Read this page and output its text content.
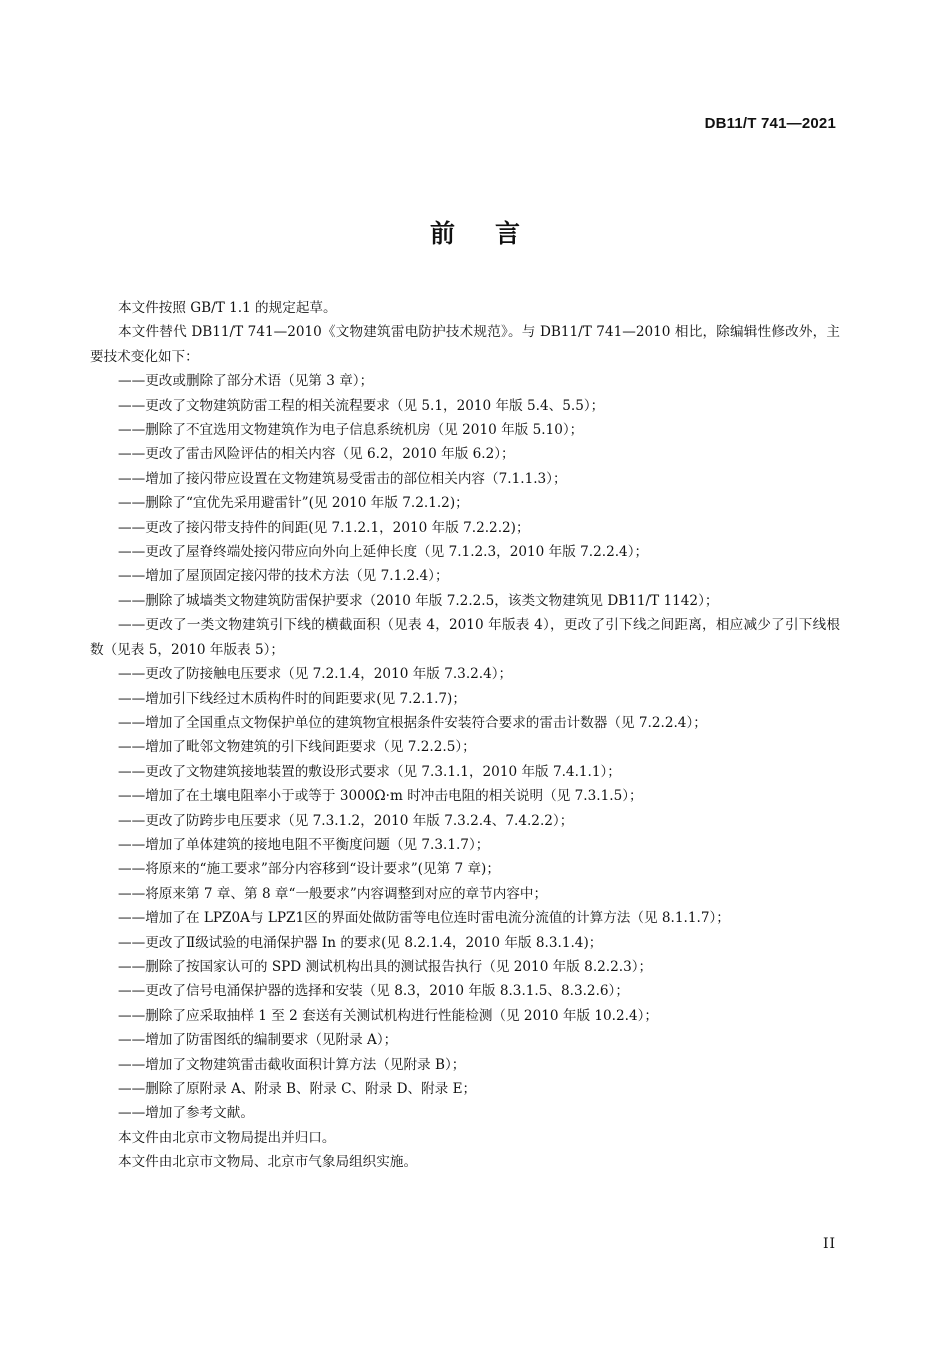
DB11/T 741—2021
前言

本文件按照 GB/T 1.1 的规定起草。

本文件替代 DB11/T 741—2010《文物建筑雷电防护技术规范》。与 DB11/T 741—2010 相比，除编辑性修改外，主要技术变化如下：

——更改或删除了部分术语（见第 3 章）；

——更改了文物建筑防雷工程的相关流程要求（见 5.1，2010 年版 5.4、5.5）；

——删除了不宜选用文物建筑作为电子信息系统机房（见 2010 年版 5.10）；

——更改了雷击风险评估的相关内容（见 6.2，2010 年版 6.2）；

——增加了接闪带应设置在文物建筑易受雷击的部位相关内容（7.1.1.3）；

——删除了“宜优先采用避雷针”(见 2010 年版 7.2.1.2)；

——更改了接闪带支持件的间距(见 7.1.2.1，2010 年版 7.2.2.2)；

——更改了屋脊终端处接闪带应向外向上延伸长度（见 7.1.2.3，2010 年版 7.2.2.4）；

——增加了屋顶固定接闪带的技术方法（见 7.1.2.4）；

——删除了城墙类文物建筑防雷保护要求（2010 年版 7.2.2.5，该类文物建筑见 DB11/T 1142）；

——更改了一类文物建筑引下线的横截面积（见表 4，2010 年版表 4），更改了引下线之间距离，相应减少了引下线根数（见表 5，2010 年版表 5）；

——更改了防接触电压要求（见 7.2.1.4，2010 年版 7.3.2.4）；

——增加引下线经过木质构件时的间距要求(见 7.2.1.7)；

——增加了全国重点文物保护单位的建筑物宜根据条件安装符合要求的雷击计数器（见 7.2.2.4）；

——增加了毗邻文物建筑的引下线间距要求（见 7.2.2.5）；

——更改了文物建筑接地装置的敷设形式要求（见 7.3.1.1，2010 年版 7.4.1.1）；

——增加了在土壤电阻率小于或等于 3000Ω·m 时冲击电阻的相关说明（见 7.3.1.5）；

——更改了防跨步电压要求（见 7.3.1.2，2010 年版 7.3.2.4、7.4.2.2）；

——增加了单体建筑的接地电阻不平衡度问题（见 7.3.1.7）；

——将原来的“施工要求”部分内容移到“设计要求”(见第 7 章)；

——将原来第 7 章、第 8 章“一般要求”内容调整到对应的章节内容中；

——增加了在 LPZ0A与 LPZ1区的界面处做防雷等电位连时雷电流分流值的计算方法（见 8.1.1.7）；

——更改了Ⅱ级试验的电涌保护器 In 的要求(见 8.2.1.4，2010 年版 8.3.1.4)；

——删除了按国家认可的 SPD 测试机构出具的测试报告执行（见 2010 年版 8.2.2.3）；

——更改了信号电涌保护器的选择和安装（见 8.3，2010 年版 8.3.1.5、8.3.2.6）；

——删除了应采取抽样 1 至 2 套送有关测试机构进行性能检测（见 2010 年版 10.2.4）；

——增加了防雷图纸的编制要求（见附录 A）；

——增加了文物建筑雷击截收面积计算方法（见附录 B）；

——删除了原附录 A、附录 B、附录 C、附录 D、附录 E；

——增加了参考文献。

本文件由北京市文物局提出并归口。

本文件由北京市文物局、北京市气象局组织实施。

II
